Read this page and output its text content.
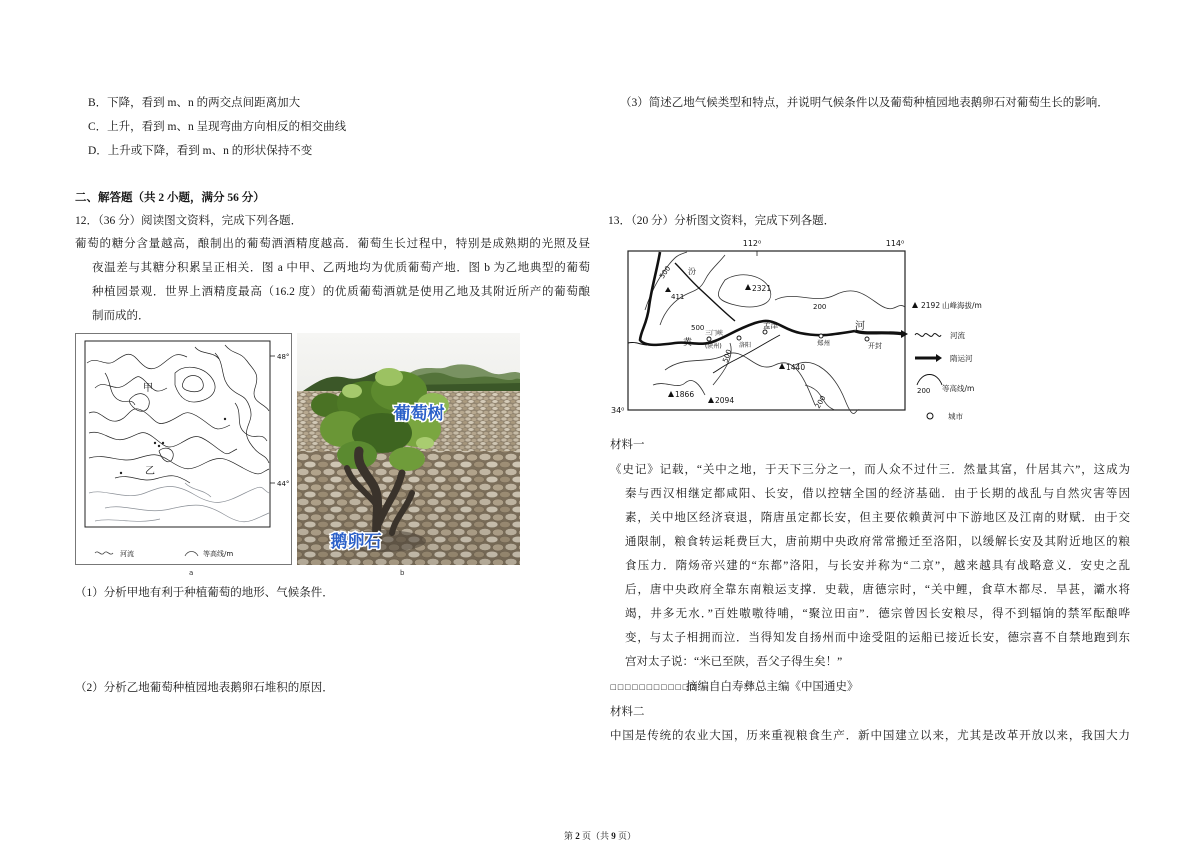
B．下降，看到 m、n 的两交点间距离加大
C．上升，看到 m、n 呈现弯曲方向相反的相交曲线
D．上升或下降，看到 m、n 的形状保持不变
二、解答题（共 2 小题，满分 56 分）
12．（36 分）阅读图文资料，完成下列各题．
葡萄的糖分含量越高，酿制出的葡萄酒酒精度越高．葡萄生长过程中，特别是成熟期的光照及昼
夜温差与其糖分积累呈正相关．图 a 中甲、乙两地均为优质葡萄产地．图 b 为乙地典型的葡萄
种植园景观．世界上酒精度最高（16.2 度）的优质葡萄酒就是使用乙地及其附近所产的葡萄酿
制而成的．
甲
乙
48°
44°
河流	等高线/m
a
葡萄树
鹅卵石
b
（1）分析甲地有利于种植葡萄的地形、气候条件．
（2）分析乙地葡萄种植园地表鹅卵石堆积的原因．
（3）简述乙地气候类型和特点，并说明气候条件以及葡萄种植园地表鹅卵石对葡萄生长的影响．
13．（20 分）分析图文资料，完成下列各题．
112⁰	114⁰
34⁰
汾
黄
河
孟津
三门峡
(陕州)	洛阳	郑州	开封
500
500
500
200
200
411
2321
1440
1866
2094
2192 山峰海拔/m
河流
隋运河
200 等高线/m
城市
材料一
《史记》记载，“关中之地，于天下三分之一，而人众不过什三．然量其富，什居其六”，这成为
秦与西汉相继定都咸阳、长安，借以控辖全国的经济基础．由于长期的战乱与自然灾害等因
素，关中地区经济衰退，隋唐虽定都长安，但主要依赖黄河中下游地区及江南的财赋．由于交
通限制，粮食转运耗费巨大，唐前期中央政府常常搬迁至洛阳，以缓解长安及其附近地区的粮
食压力．隋炀帝兴建的“东都”洛阳，与长安并称为“二京”，越来越具有战略意义．安史之乱
后，唐中央政府全靠东南粮运支撑．史载，唐德宗时，“关中鲤，食草木都尽．旱甚，灞水将
竭，井多无水．”百姓嗷嗷待哺，“聚泣田亩”．德宗曾因长安粮尽，得不到辐饷的禁军酝酿哗
变，与太子相拥而泣．当得知发自扬州而中途受阻的运船已接近长安，德宗喜不自禁地跑到东
宫对太子说：“米已至陕，吾父子得生矣！”
□□□□□□□□□□□□
摘编自白寿彝总主编《中国通史》
材料二
中国是传统的农业大国，历来重视粮食生产．新中国建立以来，尤其是改革开放以来，我国大力
第 2 页（共 9 页）
